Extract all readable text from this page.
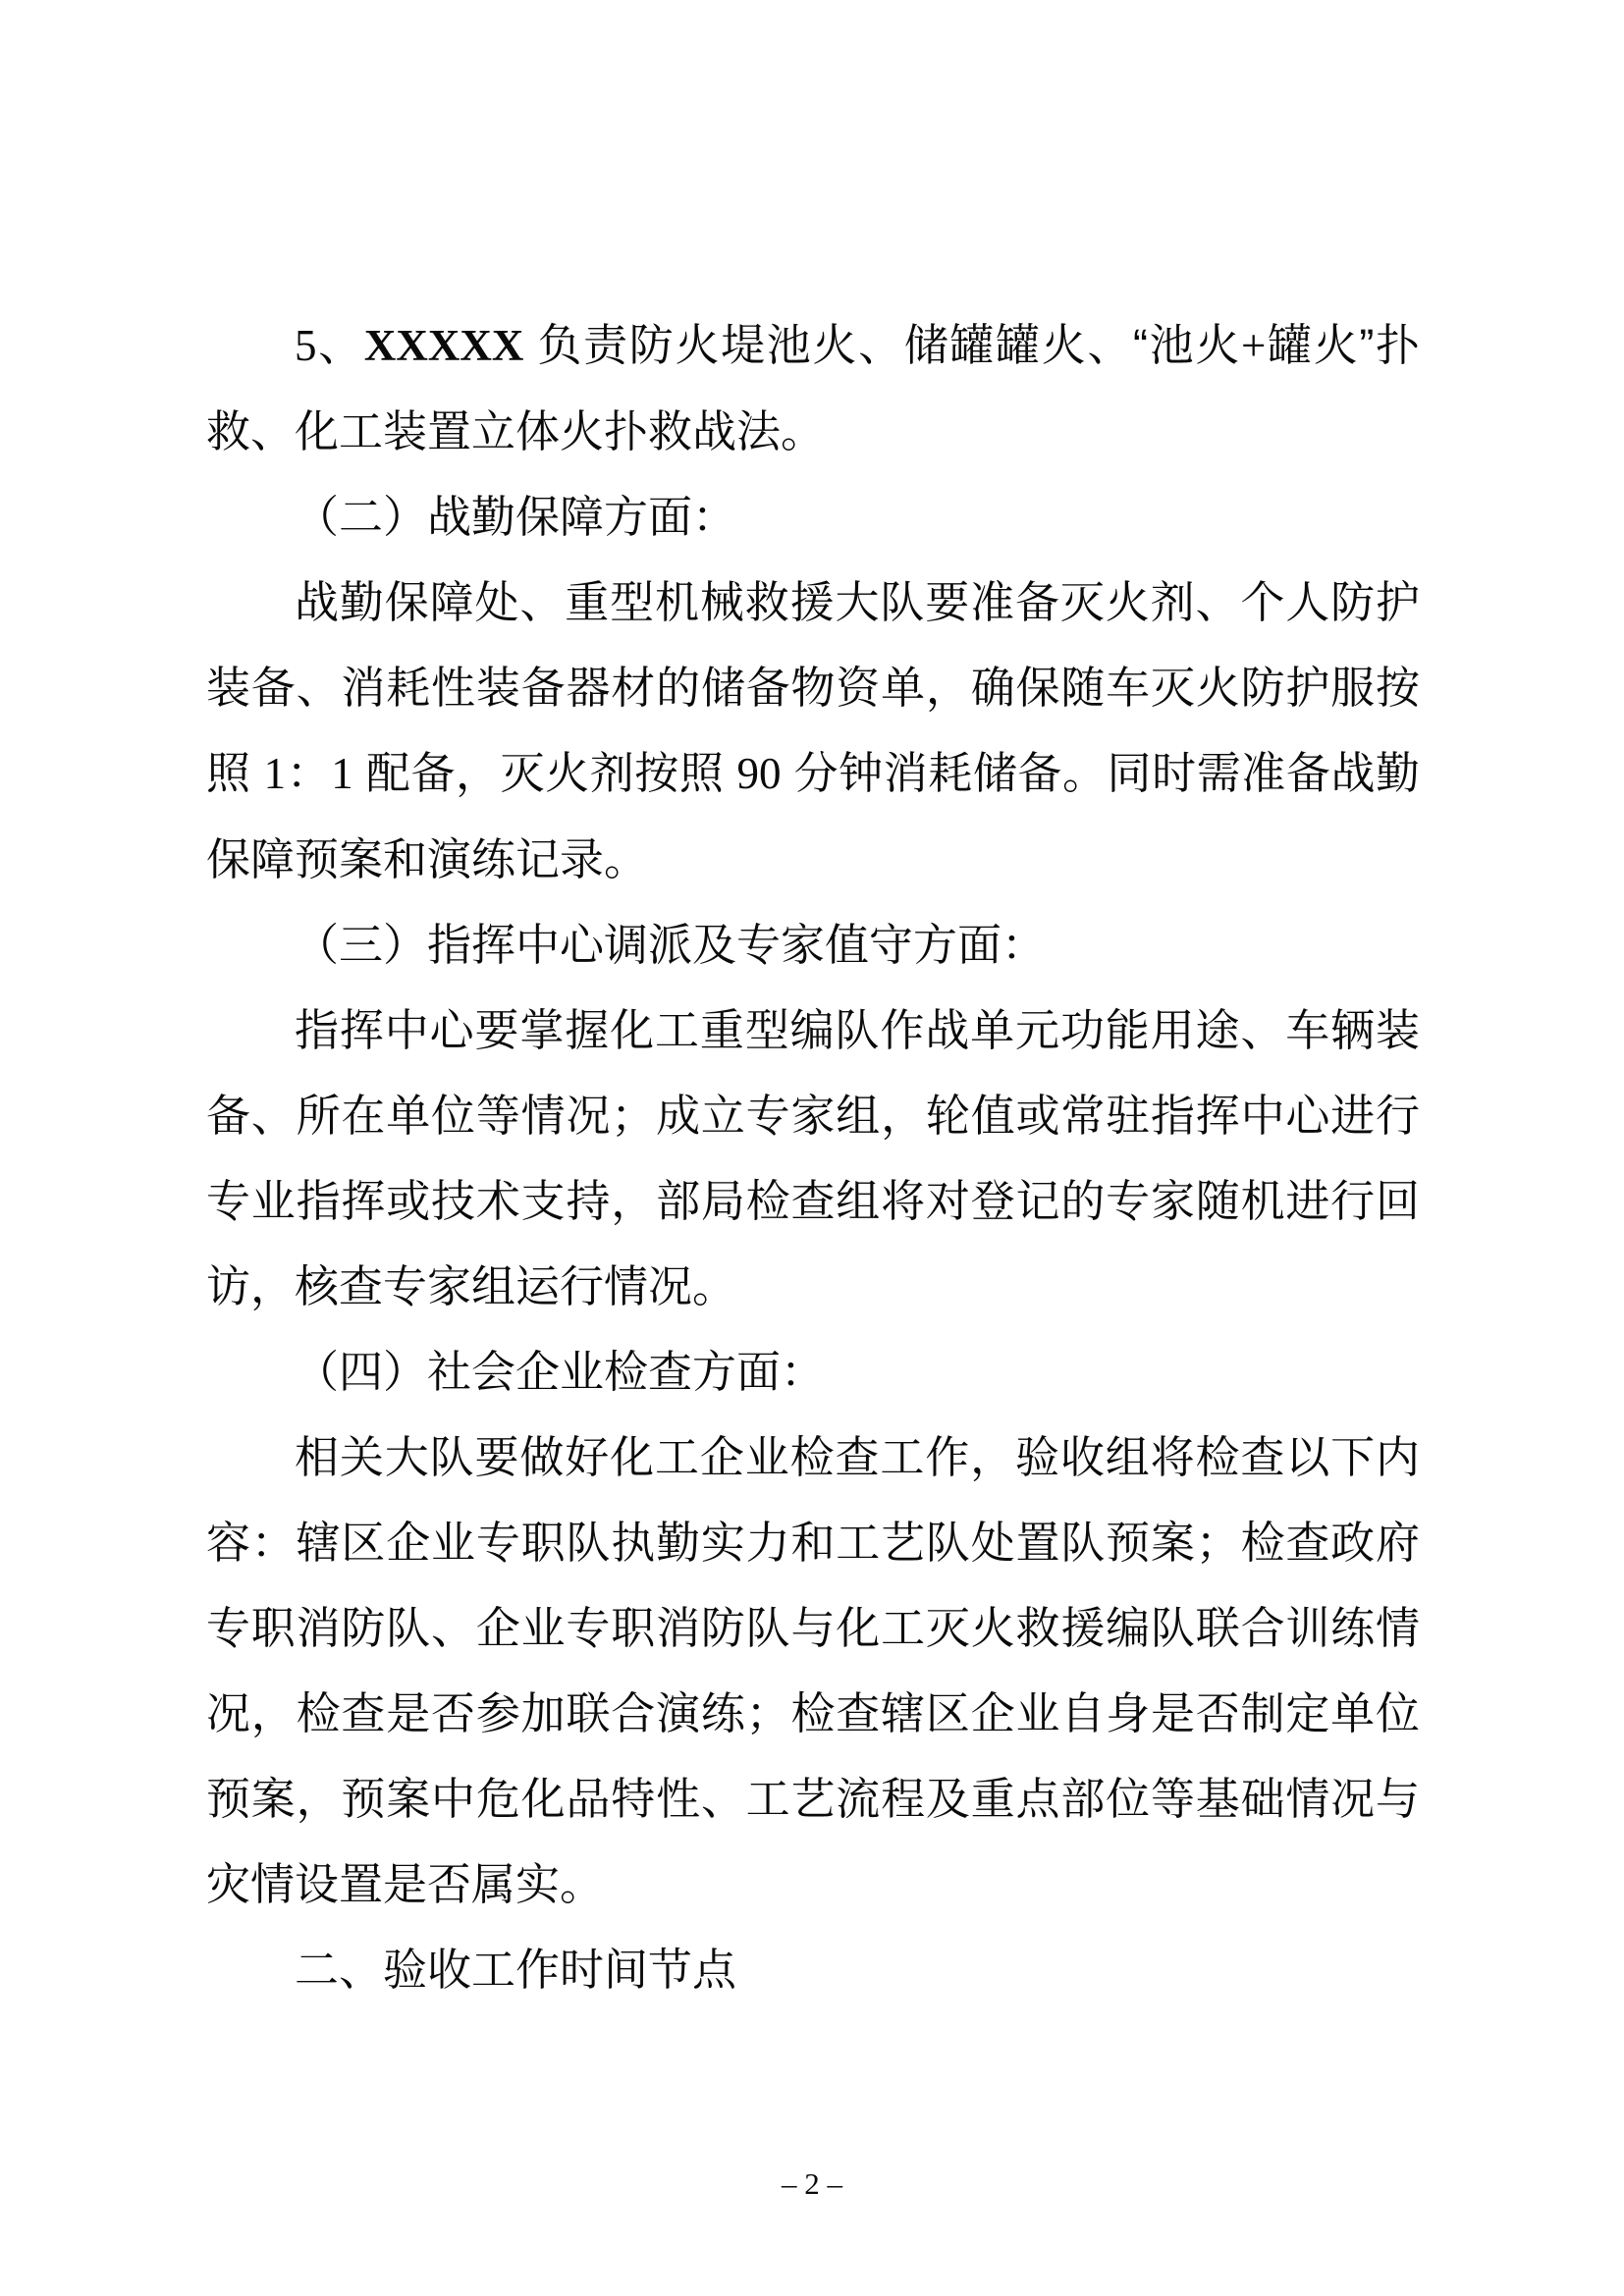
5、XXXXX 负责防火堤池火、储罐罐火、“池火+罐火”扑救、化工装置立体火扑救战法。

（二）战勤保障方面：

战勤保障处、重型机械救援大队要准备灭火剂、个人防护装备、消耗性装备器材的储备物资单，确保随车灭火防护服按照 1：1 配备，灭火剂按照 90 分钟消耗储备。同时需准备战勤保障预案和演练记录。

（三）指挥中心调派及专家值守方面：

指挥中心要掌握化工重型编队作战单元功能用途、车辆装备、所在单位等情况；成立专家组，轮值或常驻指挥中心进行专业指挥或技术支持，部局检查组将对登记的专家随机进行回访，核查专家组运行情况。

（四）社会企业检查方面：

相关大队要做好化工企业检查工作，验收组将检查以下内容：辖区企业专职队执勤实力和工艺队处置队预案；检查政府专职消防队、企业专职消防队与化工灭火救援编队联合训练情况，检查是否参加联合演练；检查辖区企业自身是否制定单位预案，预案中危化品特性、工艺流程及重点部位等基础情况与灾情设置是否属实。

二、验收工作时间节点

– 2 –
